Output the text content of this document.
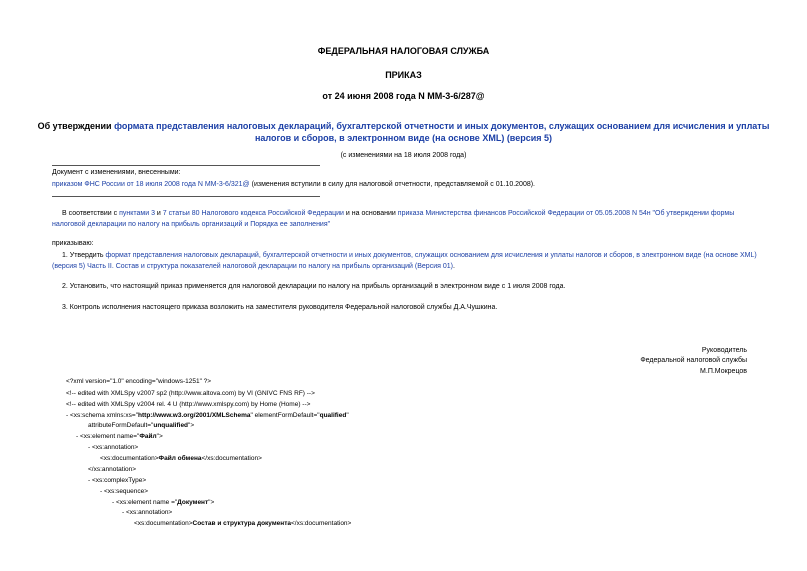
ФЕДЕРАЛЬНАЯ НАЛОГОВАЯ СЛУЖБА
ПРИКАЗ
от 24 июня 2008 года N ММ-3-6/287@
Об утверждении формата представления налоговых деклараций, бухгалтерской отчетности и иных документов, служащих основанием для исчисления и уплаты
налогов и сборов, в электронном виде (на основе XML) (версия 5)
(с изменениями на 18 июля 2008 года)
Документ с изменениями, внесенными:
приказом ФНС России от 18 июля 2008 года N ММ-3-6/321@ (изменения вступили в силу для налоговой отчетности, представляемой с 01.10.2008).
В соответствии с пунктами 3 и 7 статьи 80 Налогового кодекса Российской Федерации и на основании приказа Министерства финансов Российской Федерации от 05.05.2008 N 54н "Об утверждении формы
налоговой декларации по налогу на прибыль организаций и Порядка ее заполнения"
приказываю:
1. Утвердить формат представления налоговых деклараций, бухгалтерской отчетности и иных документов, служащих основанием для исчисления и уплаты налогов и сборов, в электронном виде (на основе XML)
(версия 5) Часть II. Состав и структура показателей налоговой декларации по налогу на прибыль организаций (Версия 01).
2. Установить, что настоящий приказ применяется для налоговой декларации по налогу на прибыль организаций в электронном виде с 1 июля 2008 года.
3. Контроль исполнения настоящего приказа возложить на заместителя руководителя Федеральной налоговой службы Д.А.Чушкина.
Руководитель
Федеральной налоговой службы
М.П.Мокрецов
<?xml version="1.0" encoding="windows-1251" ?>
<!-- edited with XMLSpy v2007 sp2 (http://www.altova.com) by VI (GNIVC FNS RF) -->
<!-- edited with XMLSpy v2004 rel. 4 U (http://www.xmlspy.com) by Home (Home) -->
- <xs:schema xmlns:xs="http://www.w3.org/2001/XMLSchema" elementFormDefault="qualified"
attributeFormDefault="unqualified">
- <xs:element name="Файл">
- <xs:annotation>
<xs:documentation>Файл обмена</xs:documentation>
</xs:annotation>
- <xs:complexType>
- <xs:sequence>
- <xs:element name ="Документ">
- <xs:annotation>
<xs:documentation>Состав и структура документа</xs:documentation>
